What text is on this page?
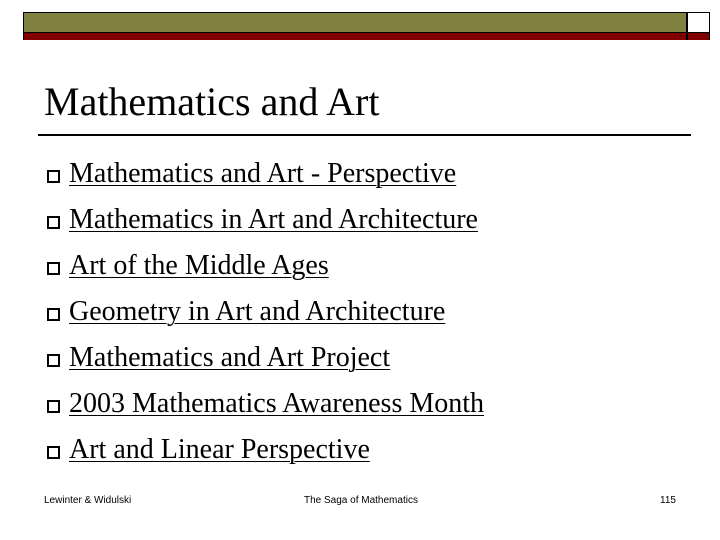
Mathematics and Art
Mathematics and Art - Perspective
Mathematics in Art and Architecture
Art of the Middle Ages
Geometry in Art and Architecture
Mathematics and Art Project
2003 Mathematics Awareness Month
Art and Linear Perspective
Lewinter & Widulski	The Saga of Mathematics	115
